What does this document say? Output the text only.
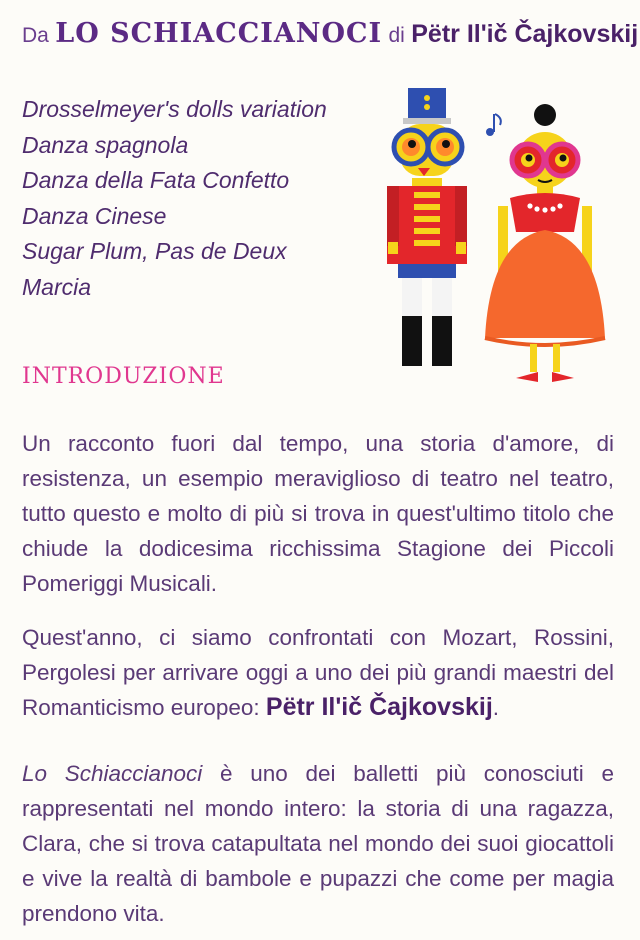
Da LO SCHIACCIANOCI di Pëtr Il'ič Čajkovskij
Drosselmeyer's dolls variation
Danza spagnola
Danza della Fata Confetto
Danza Cinese
Sugar Plum, Pas de Deux
Marcia
INTRODUZIONE

Un racconto fuori dal tempo, una storia d'amore, di resistenza, un esempio meraviglioso di teatro nel teatro, tutto questo e molto di più si trova in quest'ultimo titolo che chiude la dodicesima ricchissima Stagione dei Piccoli Pomeriggi Musicali.

Quest'anno, ci siamo confrontati con Mozart, Rossini, Pergolesi per arrivare oggi a uno dei più grandi maestri del Romanticismo europeo: Pëtr Il'ič Čajkovskij.

Lo Schiaccianoci è uno dei balletti più conosciuti e rappresentati nel mondo intero: la storia di una ragazza, Clara, che si trova catapultata nel mondo dei suoi giocattoli e vive la realtà di bambole e pupazzi che come per magia prendono vita.
